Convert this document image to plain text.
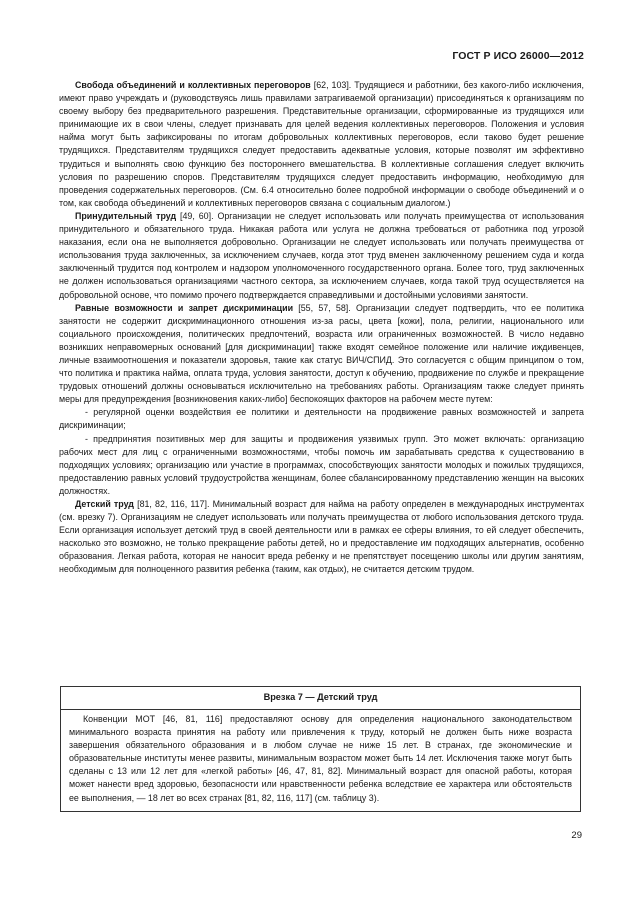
ГОСТ Р ИСО 26000—2012

Свобода объединений и коллективных переговоров [62, 103]. Трудящиеся и работники, без какого-либо исключения, имеют право учреждать и (руководствуясь лишь правилами затрагиваемой организации) присоединяться к организациям по своему выбору без предварительного разрешения. Представительные организации, сформированные из трудящихся или принимающие их в свои члены, следует признавать для целей ведения коллективных переговоров. Положения и условия найма могут быть зафиксированы по итогам добровольных коллективных переговоров, если таково будет решение трудящихся. Представителям трудящихся следует предоставить адекватные условия, которые позволят им эффективно трудиться и выполнять свою функцию без постороннего вмешательства. В коллективные соглашения следует включить условия по разрешению споров. Представителям трудящихся следует предоставить информацию, необходимую для проведения содержательных переговоров. (См. 6.4 относительно более подробной информации о свободе объединений и о том, как свобода объединений и коллективных переговоров связана с социальным диалогом.)

Принудительный труд [49, 60]. Организации не следует использовать или получать преимущества от использования принудительного и обязательного труда. Никакая работа или услуга не должна требоваться от работника под угрозой наказания, если она не выполняется добровольно. Организации не следует использовать или получать преимущества от использования труда заключенных, за исключением случаев, когда этот труд вменен заключенному решением суда и когда заключенный трудится под контролем и надзором уполномоченного государственного органа. Более того, труд заключенных не должен использоваться организациями частного сектора, за исключением случаев, когда такой труд осуществляется на добровольной основе, что помимо прочего подтверждается справедливыми и достойными условиями занятости.

Равные возможности и запрет дискриминации [55, 57, 58]. Организации следует подтвердить, что ее политика занятости не содержит дискриминационного отношения из-за расы, цвета [кожи], пола, религии, национального или социального происхождения, политических предпочтений, возраста или ограниченных возможностей. В число недавно возникших неправомерных оснований [для дискриминации] также входят семейное положение или наличие иждивенцев, личные взаимоотношения и показатели здоровья, такие как статус ВИЧ/СПИД. Это согласуется с общим принципом о том, что политика и практика найма, оплата труда, условия занятости, доступ к обучению, продвижение по службе и прекращение трудовых отношений должны основываться исключительно на требованиях работы. Организациям также следует принять меры для предупреждения [возникновения каких-либо] беспокоящих факторов на рабочем месте путем:

- регулярной оценки воздействия ее политики и деятельности на продвижение равных возможностей и запрета дискриминации;

- предпринятия позитивных мер для защиты и продвижения уязвимых групп. Это может включать: организацию рабочих мест для лиц с ограниченными возможностями, чтобы помочь им зарабатывать средства к существованию в подходящих условиях; организацию или участие в программах, способствующих занятости молодых и пожилых трудящихся, предоставлению равных условий трудоустройства женщинам, более сбалансированному представлению женщин на высоких должностях.

Детский труд [81, 82, 116, 117]. Минимальный возраст для найма на работу определен в международных инструментах (см. врезку 7). Организациям не следует использовать или получать преимущества от любого использования детского труда. Если организация использует детский труд в своей деятельности или в рамках ее сферы влияния, то ей следует обеспечить, насколько это возможно, не только прекращение работы детей, но и предоставление им подходящих альтернатив, особенно образования. Легкая работа, которая не наносит вреда ребенку и не препятствует посещению школы или другим занятиям, необходимым для полноценного развития ребенка (таким, как отдых), не считается детским трудом.

Врезка 7 — Детский труд

Конвенции МОТ [46, 81, 116] предоставляют основу для определения национального законодательством минимального возраста принятия на работу или привлечения к труду, который не должен быть ниже возраста завершения обязательного образования и в любом случае не ниже 15 лет. В странах, где экономические и образовательные институты менее развиты, минимальным возрастом может быть 14 лет. Исключения также могут быть сделаны с 13 или 12 лет для «легкой работы» [46, 47, 81, 82]. Минимальный возраст для опасной работы, которая может нанести вред здоровью, безопасности или нравственности ребенка вследствие ее характера или обстоятельств ее выполнения, — 18 лет во всех странах [81, 82, 116, 117] (см. таблицу 3).

29
